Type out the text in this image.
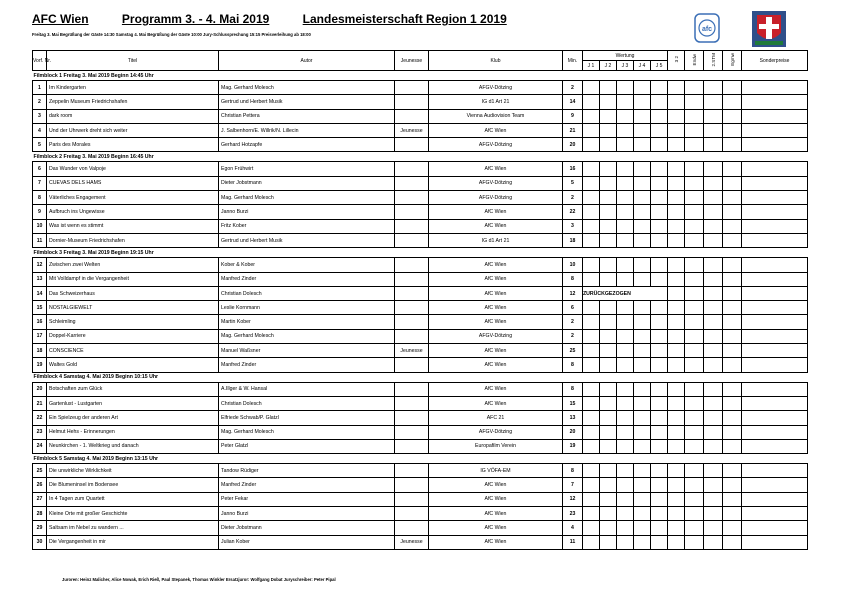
AFC Wien	Programm 3. - 4. Mai 2019	Landesmeisterschaft Region 1 2019
Freitag 3. Mai Begrüßung der Gäste 14:30 Samstag 4. Mai Begrüßung der Gäste 10:00 Jury-Schlussprechung 15:15 Preisverleihung ab 18:00
afc
Vorf. Nr.	Titel	Autor	Jeunesse	Klub	Min.	Wertung					3 2	Endw	2.STM	Egmw	Sonderpreise
						J 1	J 2	J 3	J 4	J 5					
Filmblock 1 Freitag 3. Mai 2019 Beginn 14:45 Uhr															
1	Im Kindergarten	Mag. Gerhard Molesch		AFGV-Dötzing	2										
2	Zeppelin Museum Friedrichshafen	Gertrud und Herbert Musik		IG d1 Art 21	14										
3	dark room	Christian Pettera		Vienna Audiovision Team	9										
4	Und der Uhrwerk dreht sich weiter	J. Salbenhorn/E. Willrik/N. Lillecin	Jeunesse	AfC Wien	21										
5	Paris des Morales	Gerhard Hotzapfe		AFGV-Dötzing	20										
Filmblock 2 Freitag 3. Mai 2019 Beginn 16:45 Uhr															
6	Das Wunder von Valpoje	Egon Frühwirt		AfC Wien	16										
7	CUEVAS DELS HAMS	Dieter Jobstmann		AFGV-Dötzing	5										
8	Väterliches Engagement	Mag. Gerhard Molesch		AFGV-Dötzing	2										
9	Aufbruch ins Ungewisse	Janno Burzi		AfC Wien	22										
10	Was ist wenn es stimmt	Fritz Kober		AfC Wien	3										
11	Dornier-Museum Friedrichshafen	Gertrud und Herbert Musik		IG d1 Art 21	18										
Filmblock 3 Freitag 3. Mai 2019 Beginn 19:15 Uhr															
12	Zwischen zwei Welten	Kober & Kober		AfC Wien	10										
13	Mit Volldampf in die Vergangenheit	Manfred Zinder		AfC Wien	8										
14	Das Schweizerhaus	Christian Dolesch		AfC Wien	12	ZURÜCKGEZOGEN									
15	NOSTALGIEWELT	Leslie Kornmann		AfC Wien	6										
16	Schleimling	Martin Kober		AfC Wien	2										
17	Doppel-Karriere	Mag. Gerhard Molesch		AFGV-Dötzing	2										
18	CONSCIENCE	Manuel Waßsner	Jeunesse	AfC Wien	25										
19	Waltes Gold	Manfred Zinder		AfC Wien	8										
Filmblock 4 Samstag 4. Mai 2019 Beginn 10:15 Uhr															
20	Botschaften zum Glück	A.Illger & W. Hansal		AfC Wien	8										
21	Gartenlust - Lustgarten	Christian Dolesch		AfC Wien	15										
22	Ein Spielzeug der anderen Art	Elfriede Schwab/P. Glatzl		AFC 21	13										
23	Helmut Hehs - Erinnerungen	Mag. Gerhard Molesch		AFGV-Dötzing	20										
24	Neunkirchen - 1. Weltkrieg und danach	Peter Glatzl		Europafilm Verein	19										
Filmblock 5 Samstag 4. Mai 2019 Beginn 13:15 Uhr															
25	Die unwirkliche Wirklichkeit	Tandow Rüdiger		IG VÖFA-EM	8										
26	Die Blumeninsel im Bodensee	Manfred Zinder		AfC Wien	7										
27	In 4 Tagen zum Quartett	Peter Fekar		AfC Wien	12										
28	Kleine Orte mit großer Geschichte	Janno Burzi		AfC Wien	23										
29	Saltsam im Nebel zu wandern ...	Dieter Jobstmann		AfC Wien	4										
30	Die Vergangenheit in mir	Julian Kober	Jeunesse	AfC Wien	11										
Juroren: Heinz Malicher, Alice Nowak, Erich Rieß, Paul Stepanek, Thomas Winkler Ersatzjuror: Wolfgang Dobat Juryschreiber: Peter Pipal
